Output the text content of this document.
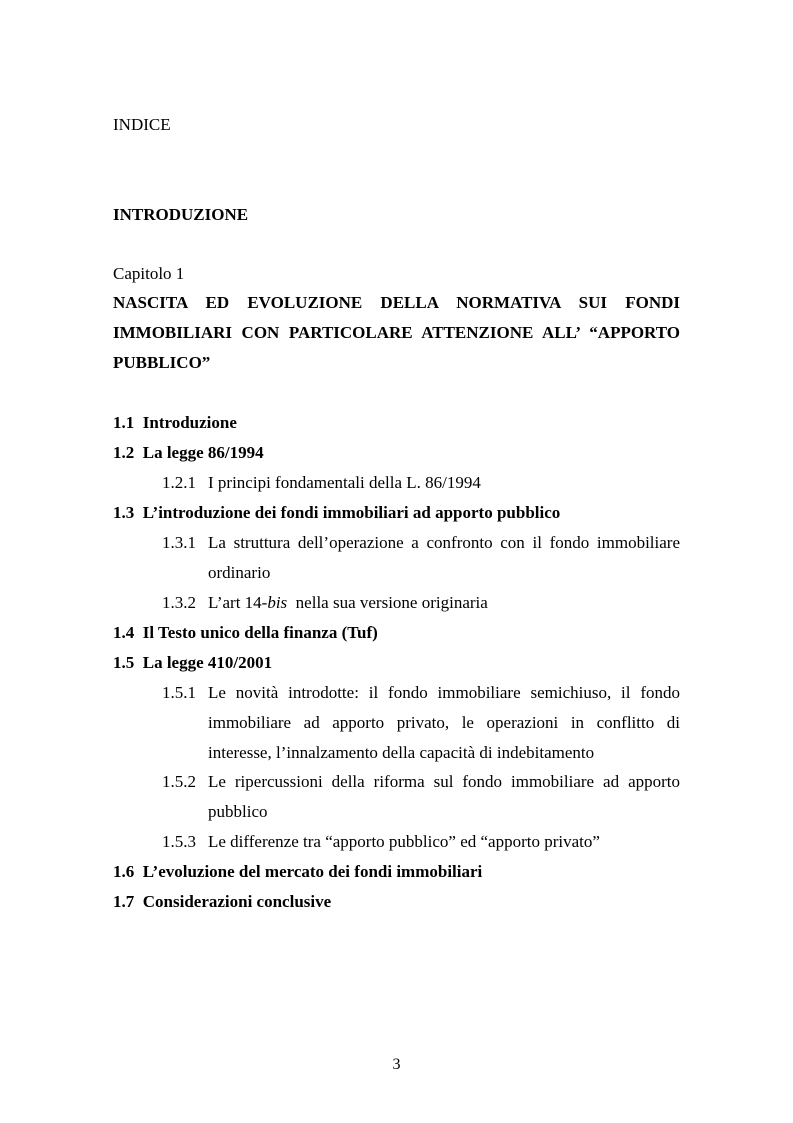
INDICE
INTRODUZIONE
Capitolo 1
NASCITA ED EVOLUZIONE DELLA NORMATIVA SUI FONDI
IMMOBILIARI CON PARTICOLARE ATTENZIONE ALL’ “APPORTO
PUBBLICO”
1.1 Introduzione
1.2 La legge 86/1994
1.2.1 I principi fondamentali della L. 86/1994
1.3 L’introduzione dei fondi immobiliari ad apporto pubblico
1.3.1 La struttura dell’operazione a confronto con il fondo immobiliare
ordinario
1.3.2 L’art 14-bis  nella sua versione originaria
1.4 Il Testo unico della finanza (Tuf)
1.5 La legge 410/2001
1.5.1 Le novità introdotte: il fondo immobiliare semichiuso, il fondo
immobiliare ad apporto privato, le operazioni in conflitto di
interesse, l’innalzamento della capacità di indebitamento
1.5.2 Le ripercussioni della riforma sul fondo immobiliare ad apporto
pubblico
1.5.3 Le differenze tra “apporto pubblico” ed “apporto privato”
1.6 L’evoluzione del mercato dei fondi immobiliari
1.7 Considerazioni conclusive
3
